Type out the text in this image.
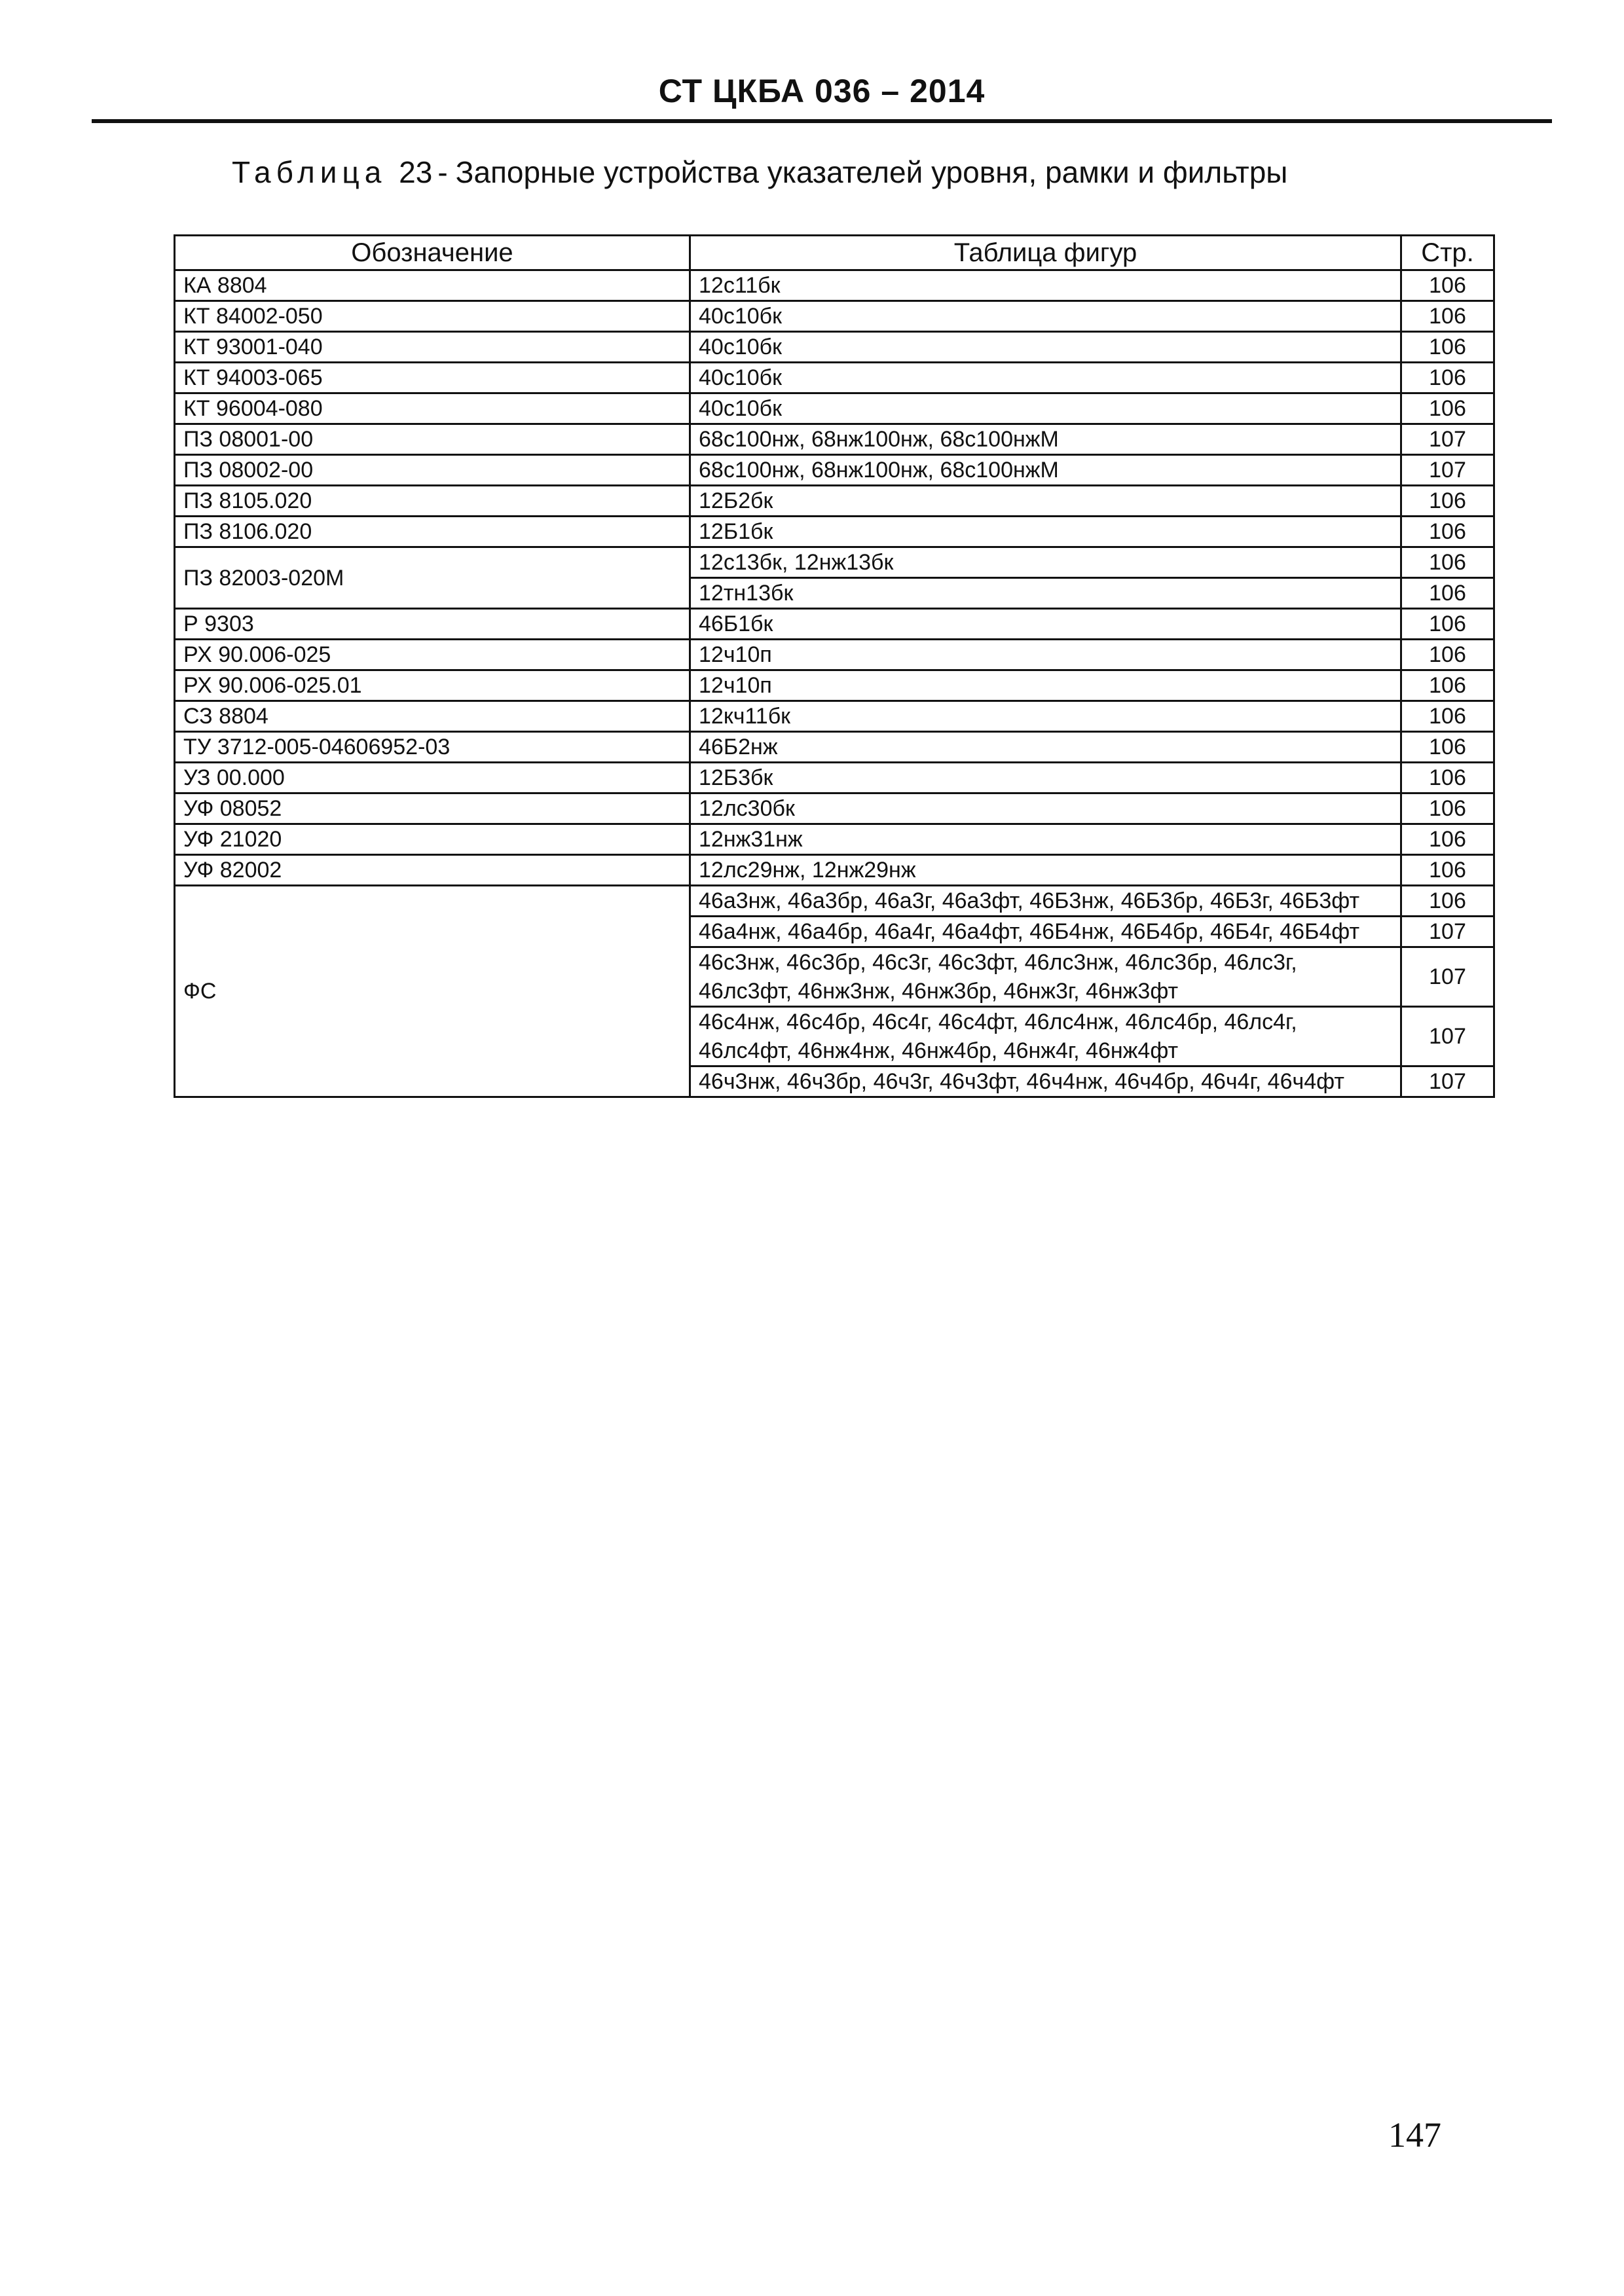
СТ ЦКБА 036 – 2014
Таблица 23 - Запорные устройства указателей уровня, рамки и фильтры
Обозначение	Таблица фигур	Стр.
КА 8804	12с11бк	106
КТ 84002-050	40с10бк	106
КТ 93001-040	40с10бк	106
КТ 94003-065	40с10бк	106
КТ 96004-080	40с10бк	106
ПЗ 08001-00	68с100нж, 68нж100нж, 68с100нжМ	107
ПЗ 08002-00	68с100нж, 68нж100нж, 68с100нжМ	107
ПЗ 8105.020	12Б2бк	106
ПЗ 8106.020	12Б1бк	106
ПЗ 82003-020М	12с13бк, 12нж13бк	106
	12тн13бк	106
Р 9303	46Б1бк	106
РХ 90.006-025	12ч10п	106
РХ 90.006-025.01	12ч10п	106
СЗ 8804	12кч11бк	106
ТУ 3712-005-04606952-03	46Б2нж	106
УЗ 00.000	12Б3бк	106
УФ 08052	12лс30бк	106
УФ 21020	12нж31нж	106
УФ 82002	12лс29нж, 12нж29нж	106
ФС	46а3нж, 46а3бр, 46а3г, 46а3фт, 46Б3нж, 46Б3бр, 46Б3г, 46Б3фт	106
	46а4нж, 46а4бр, 46а4г, 46а4фт, 46Б4нж, 46Б4бр, 46Б4г, 46Б4фт	107
	46с3нж, 46с3бр, 46с3г, 46с3фт, 46лс3нж, 46лс3бр, 46лс3г, 46лс3фт, 46нж3нж, 46нж3бр, 46нж3г, 46нж3фт	107
	46с4нж, 46с4бр, 46с4г, 46с4фт, 46лс4нж, 46лс4бр, 46лс4г, 46лс4фт, 46нж4нж, 46нж4бр, 46нж4г, 46нж4фт	107
	46ч3нж, 46ч3бр, 46ч3г, 46ч3фт, 46ч4нж, 46ч4бр, 46ч4г, 46ч4фт	107
147
